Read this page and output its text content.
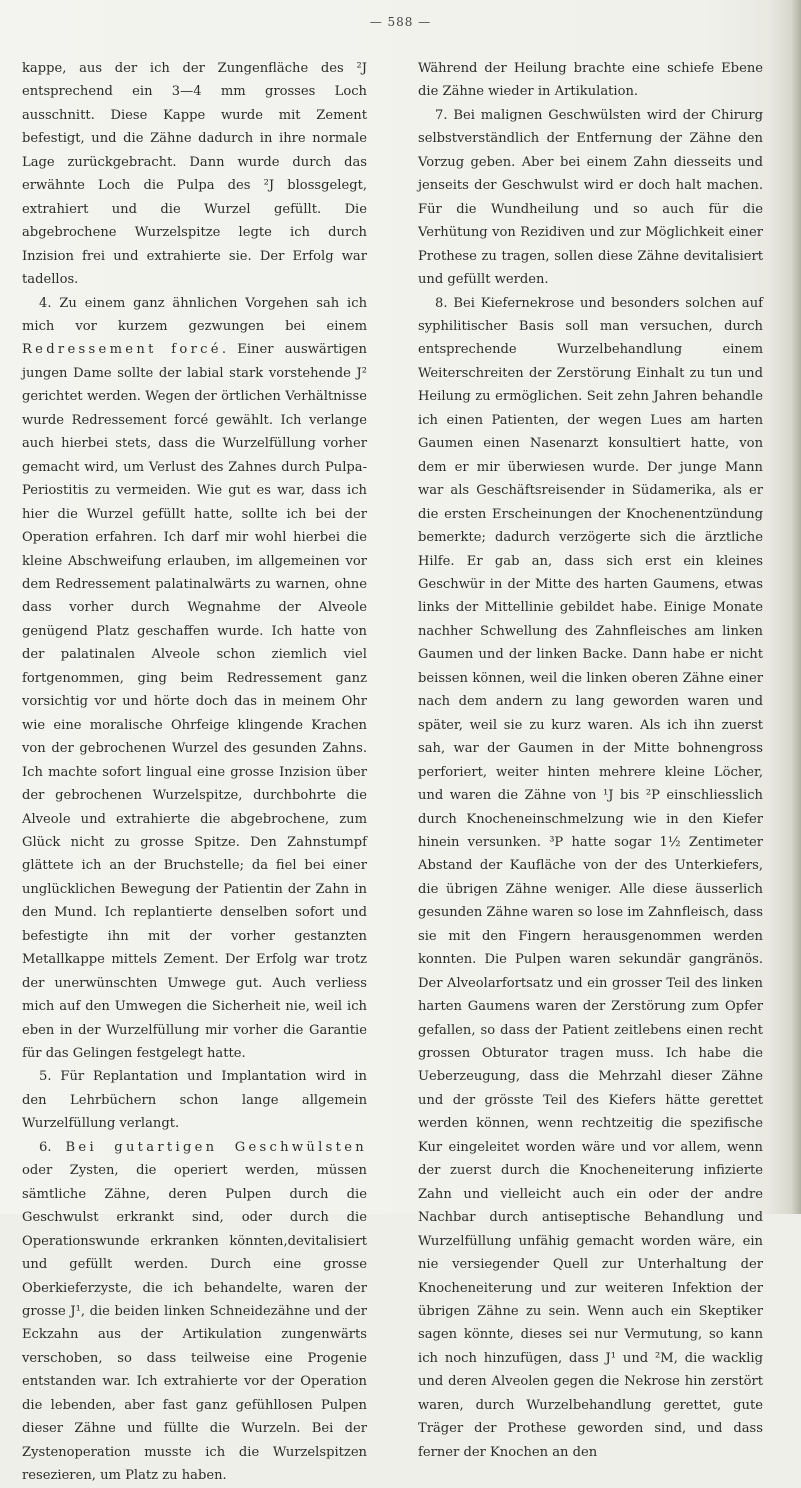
— 588 —

kappe, aus der ich der Zungenfläche des ²J entsprechend ein 3—4 mm grosses Loch ausschnitt. Diese Kappe wurde mit Zement befestigt, und die Zähne dadurch in ihre normale Lage zurückgebracht. Dann wurde durch das erwähnte Loch die Pulpa des ²J blossgelegt, extrahiert und die Wurzel gefüllt. Die abgebrochene Wurzelspitze legte ich durch Inzision frei und extrahierte sie. Der Erfolg war tadellos.

4. Zu einem ganz ähnlichen Vorgehen sah ich mich vor kurzem gezwungen bei einem Redressement forcé. Einer auswärtigen jungen Dame sollte der labial stark vorstehende J² gerichtet werden. Wegen der örtlichen Verhältnisse wurde Redressement forcé gewählt. Ich verlange auch hierbei stets, dass die Wurzelfüllung vorher gemacht wird, um Verlust des Zahnes durch Pulpa-Periostitis zu vermeiden. Wie gut es war, dass ich hier die Wurzel gefüllt hatte, sollte ich bei der Operation erfahren. Ich darf mir wohl hierbei die kleine Abschweifung erlauben, im allgemeinen vor dem Redressement palatinalwärts zu warnen, ohne dass vorher durch Wegnahme der Alveole genügend Platz geschaffen wurde. Ich hatte von der palatinalen Alveole schon ziemlich viel fortgenommen, ging beim Redressement ganz vorsichtig vor und hörte doch das in meinem Ohr wie eine moralische Ohrfeige klingende Krachen von der gebrochenen Wurzel des gesunden Zahns. Ich machte sofort lingual eine grosse Inzision über der gebrochenen Wurzelspitze, durchbohrte die Alveole und extrahierte die abgebrochene, zum Glück nicht zu grosse Spitze. Den Zahnstumpf glättete ich an der Bruchstelle; da fiel bei einer unglücklichen Bewegung der Patientin der Zahn in den Mund. Ich replantierte denselben sofort und befestigte ihn mit der vorher gestanzten Metallkappe mittels Zement. Der Erfolg war trotz der unerwünschten Umwege gut. Auch verliess mich auf den Umwegen die Sicherheit nie, weil ich eben in der Wurzelfüllung mir vorher die Garantie für das Gelingen festgelegt hatte.

5. Für Replantation und Implantation wird in den Lehrbüchern schon lange allgemein Wurzelfüllung verlangt.

6. Bei gutartigen Geschwülsten oder Zysten, die operiert werden, müssen sämtliche Zähne, deren Pulpen durch die Geschwulst erkrankt sind, oder durch die Operationswunde erkranken könnten,devitalisiert und gefüllt werden. Durch eine grosse Oberkieferzyste, die ich behandelte, waren der grosse J¹, die beiden linken Schneidezähne und der Eckzahn aus der Artikulation zungenwärts verschoben, so dass teilweise eine Progenie entstanden war. Ich extrahierte vor der Operation die lebenden, aber fast ganz gefühllosen Pulpen dieser Zähne und füllte die Wurzeln. Bei der Zystenoperation musste ich die Wurzelspitzen resezieren, um Platz zu haben.

Während der Heilung brachte eine schiefe Ebene die Zähne wieder in Artikulation.

7. Bei malignen Geschwülsten wird der Chirurg selbstverständlich der Entfernung der Zähne den Vorzug geben. Aber bei einem Zahn diesseits und jenseits der Geschwulst wird er doch halt machen. Für die Wundheilung und so auch für die Verhütung von Rezidiven und zur Möglichkeit einer Prothese zu tragen, sollen diese Zähne devitalisiert und gefüllt werden.

8. Bei Kiefernekrose und besonders solchen auf syphilitischer Basis soll man versuchen, durch entsprechende Wurzelbehandlung einem Weiterschreiten der Zerstörung Einhalt zu tun und Heilung zu ermöglichen. Seit zehn Jahren behandle ich einen Patienten, der wegen Lues am harten Gaumen einen Nasenarzt konsultiert hatte, von dem er mir überwiesen wurde. Der junge Mann war als Geschäftsreisender in Südamerika, als er die ersten Erscheinungen der Knochenentzündung bemerkte; dadurch verzögerte sich die ärztliche Hilfe. Er gab an, dass sich erst ein kleines Geschwür in der Mitte des harten Gaumens, etwas links der Mittellinie gebildet habe. Einige Monate nachher Schwellung des Zahnfleisches am linken Gaumen und der linken Backe. Dann habe er nicht beissen können, weil die linken oberen Zähne einer nach dem andern zu lang geworden waren und später, weil sie zu kurz waren. Als ich ihn zuerst sah, war der Gaumen in der Mitte bohnengross perforiert, weiter hinten mehrere kleine Löcher, und waren die Zähne von ¹J bis ²P einschliesslich durch Knocheneinschmelzung wie in den Kiefer hinein versunken. ³P hatte sogar 1½ Zentimeter Abstand der Kaufläche von der des Unterkiefers, die übrigen Zähne weniger. Alle diese äusserlich gesunden Zähne waren so lose im Zahnfleisch, dass sie mit den Fingern herausgenommen werden konnten. Die Pulpen waren sekundär gangränös. Der Alveolarfortsatz und ein grosser Teil des linken harten Gaumens waren der Zerstörung zum Opfer gefallen, so dass der Patient zeitlebens einen recht grossen Obturator tragen muss. Ich habe die Ueberzeugung, dass die Mehrzahl dieser Zähne und der grösste Teil des Kiefers hätte gerettet werden können, wenn rechtzeitig die spezifische Kur eingeleitet worden wäre und vor allem, wenn der zuerst durch die Knocheneiterung infizierte Zahn und vielleicht auch ein oder der andre Nachbar durch antiseptische Behandlung und Wurzelfüllung unfähig gemacht worden wäre, ein nie versiegender Quell zur Unterhaltung der Knocheneiterung und zur weiteren Infektion der übrigen Zähne zu sein. Wenn auch ein Skeptiker sagen könnte, dieses sei nur Vermutung, so kann ich noch hinzufügen, dass J¹ und ²M, die wacklig und deren Alveolen gegen die Nekrose hin zerstört waren, durch Wurzelbehandlung gerettet, gute Träger der Prothese geworden sind, und dass ferner der Knochen an den
